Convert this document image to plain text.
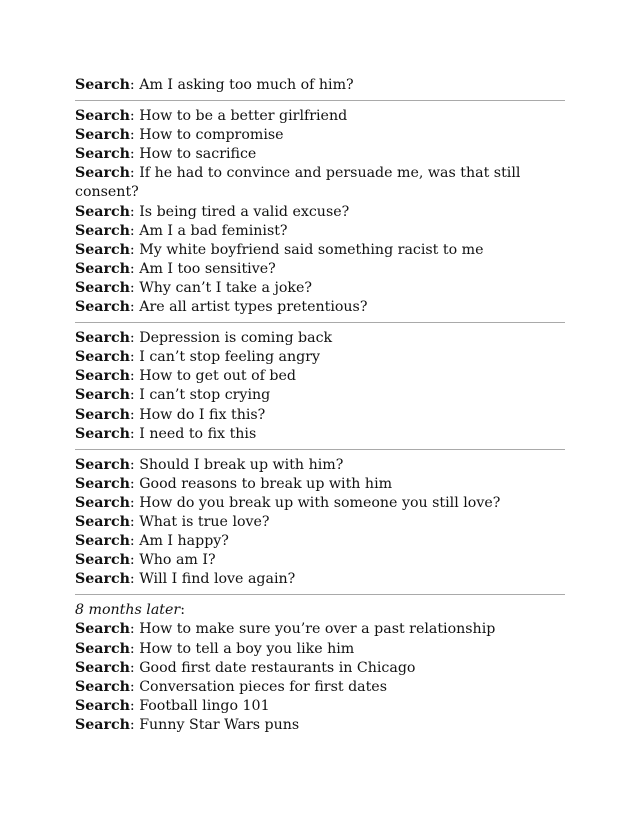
Search: Am I asking too much of him?
Search: How to be a better girlfriend
Search: How to compromise
Search: How to sacrifice
Search: If he had to convince and persuade me, was that still consent?
Search: Is being tired a valid excuse?
Search: Am I a bad feminist?
Search: My white boyfriend said something racist to me
Search: Am I too sensitive?
Search: Why can’t I take a joke?
Search: Are all artist types pretentious?
Search: Depression is coming back
Search: I can’t stop feeling angry
Search: How to get out of bed
Search: I can’t stop crying
Search: How do I fix this?
Search: I need to fix this
Search: Should I break up with him?
Search: Good reasons to break up with him
Search: How do you break up with someone you still love?
Search: What is true love?
Search: Am I happy?
Search: Who am I?
Search: Will I find love again?
8 months later:
Search: How to make sure you’re over a past relationship
Search: How to tell a boy you like him
Search: Good first date restaurants in Chicago
Search: Conversation pieces for first dates
Search: Football lingo 101
Search: Funny Star Wars puns
